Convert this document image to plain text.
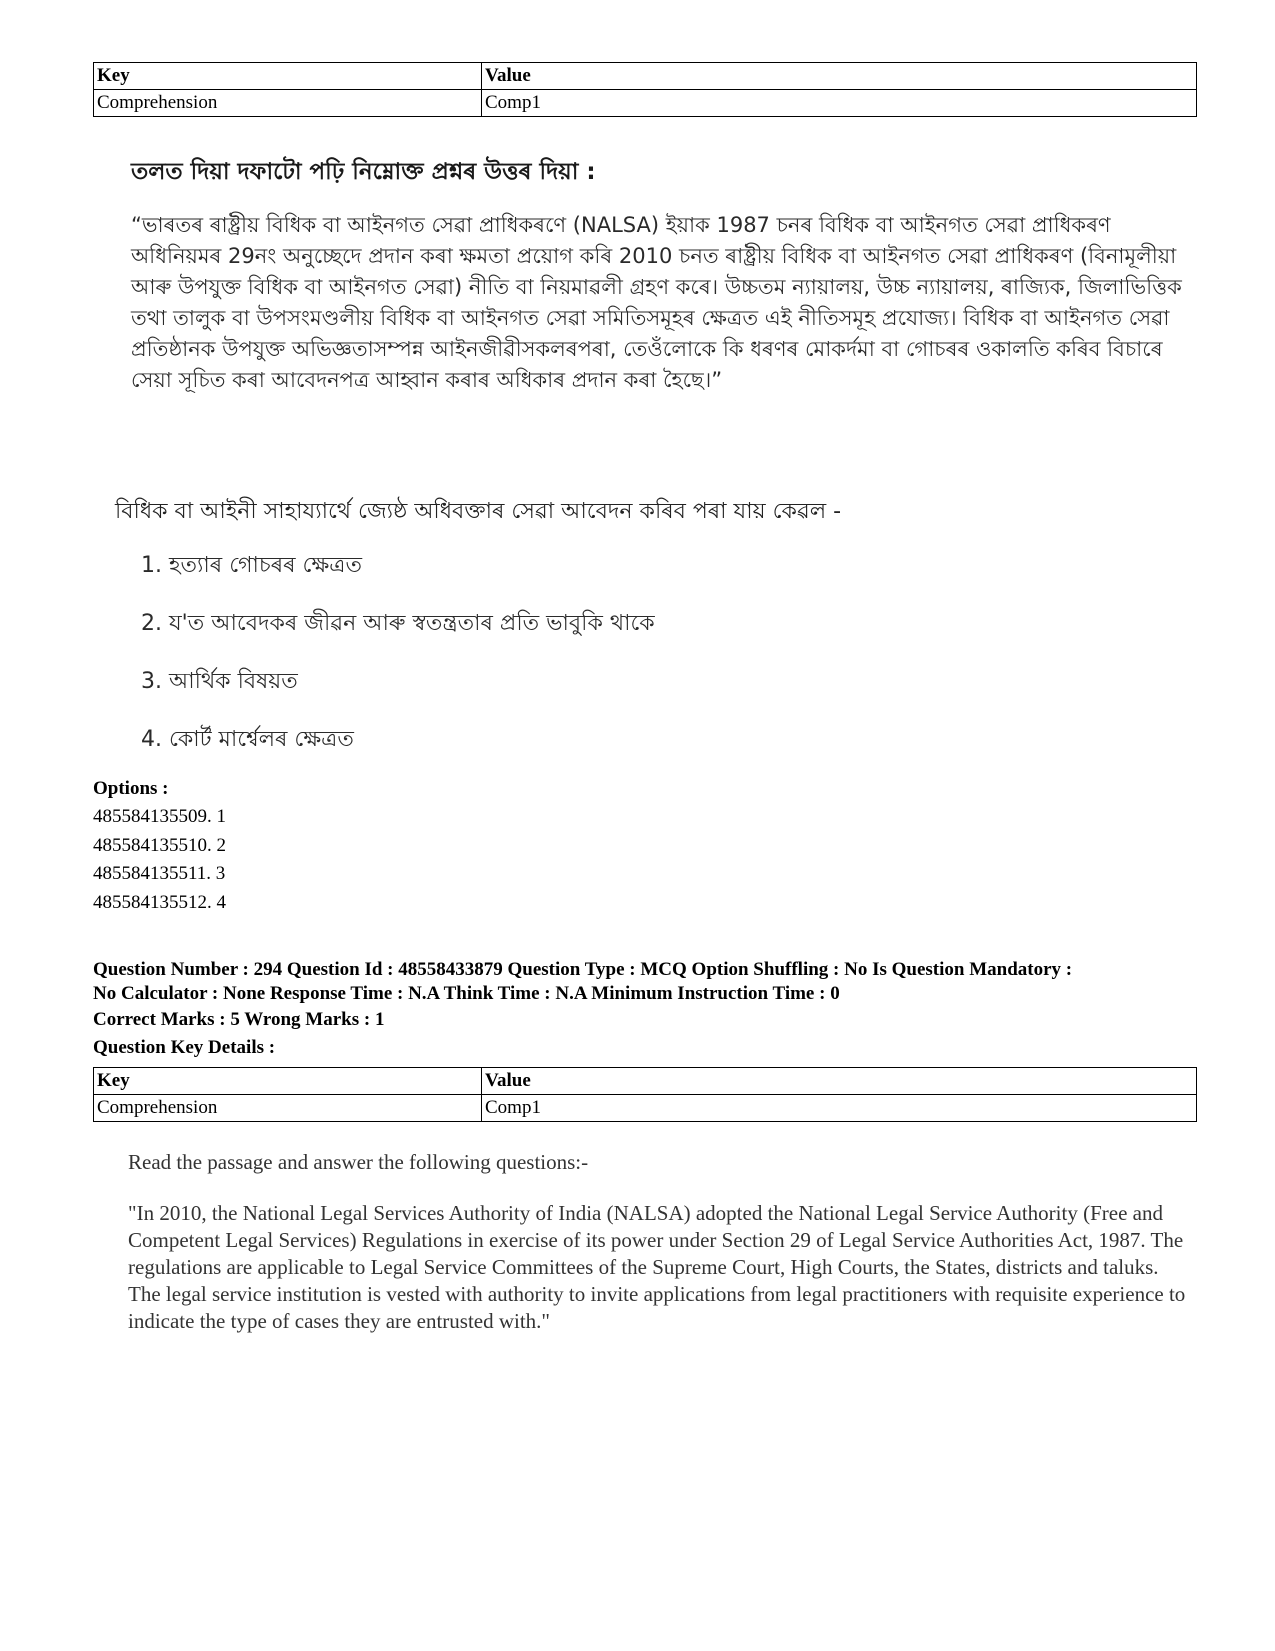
Key	Value
Comprehension	Comp1
তলত দিয়া দফাটো পঢ়ি নিম্নোক্ত প্ৰশ্নৰ উত্তৰ দিয়া :
“ভাৰতৰ ৰাষ্ট্ৰীয় বিধিক বা আইনগত সেৱা প্ৰাধিকৰণে (NALSA) ইয়াক 1987 চনৰ বিধিক বা আইনগত সেৱা প্ৰাধিকৰণ অধিনিয়মৰ 29নং অনুচ্ছেদে প্ৰদান কৰা ক্ষমতা প্ৰয়োগ কৰি 2010 চনত ৰাষ্ট্ৰীয় বিধিক বা আইনগত সেৱা প্ৰাধিকৰণ (বিনামূলীয়া আৰু উপযুক্ত বিধিক বা আইনগত সেৱা) নীতি বা নিয়মাৱলী গ্ৰহণ কৰে। উচ্চতম ন্যায়ালয়, উচ্চ ন্যায়ালয়, ৰাজ্যিক, জিলাভিত্তিক তথা তালুক বা উপসংমণ্ডলীয় বিধিক বা আইনগত সেৱা সমিতিসমূহৰ ক্ষেত্ৰত এই নীতিসমূহ প্ৰযোজ্য। বিধিক বা আইনগত সেৱা প্ৰতিষ্ঠানক উপযুক্ত অভিজ্ঞতাসম্পন্ন আইনজীৱীসকলৰপৰা, তেওঁলোকে কি ধৰণৰ মোকৰ্দমা বা গোচৰৰ ওকালতি কৰিব বিচাৰে সেয়া সূচিত কৰা আবেদনপত্ৰ আহ্বান কৰাৰ অধিকাৰ প্ৰদান কৰা হৈছে।”
বিধিক বা আইনী সাহায্যাৰ্থে জ্যেষ্ঠ অধিবক্তাৰ সেৱা আবেদন কৰিব পৰা যায় কেৱল -
1. হত্যাৰ গোচৰৰ ক্ষেত্ৰত
2. য'ত আবেদকৰ জীৱন আৰু স্বতন্ত্ৰতাৰ প্ৰতি ভাবুকি থাকে
3. আৰ্থিক বিষয়ত
4. কোৰ্ট মাৰ্শ্বেলৰ ক্ষেত্ৰত
Options :
485584135509. 1
485584135510. 2
485584135511. 3
485584135512. 4
Question Number : 294 Question Id : 48558433879 Question Type : MCQ Option Shuffling : No Is Question Mandatory :
No Calculator : None Response Time : N.A Think Time : N.A Minimum Instruction Time : 0
Correct Marks : 5 Wrong Marks : 1
Question Key Details :
Key	Value
Comprehension	Comp1
Read the passage and answer the following questions:-
"In 2010, the National Legal Services Authority of India (NALSA) adopted the National Legal Service Authority (Free and Competent Legal Services) Regulations in exercise of its power under Section 29 of Legal Service Authorities Act, 1987. The regulations are applicable to Legal Service Committees of the Supreme Court, High Courts, the States, districts and taluks. The legal service institution is vested with authority to invite applications from legal practitioners with requisite experience to indicate the type of cases they are entrusted with."
